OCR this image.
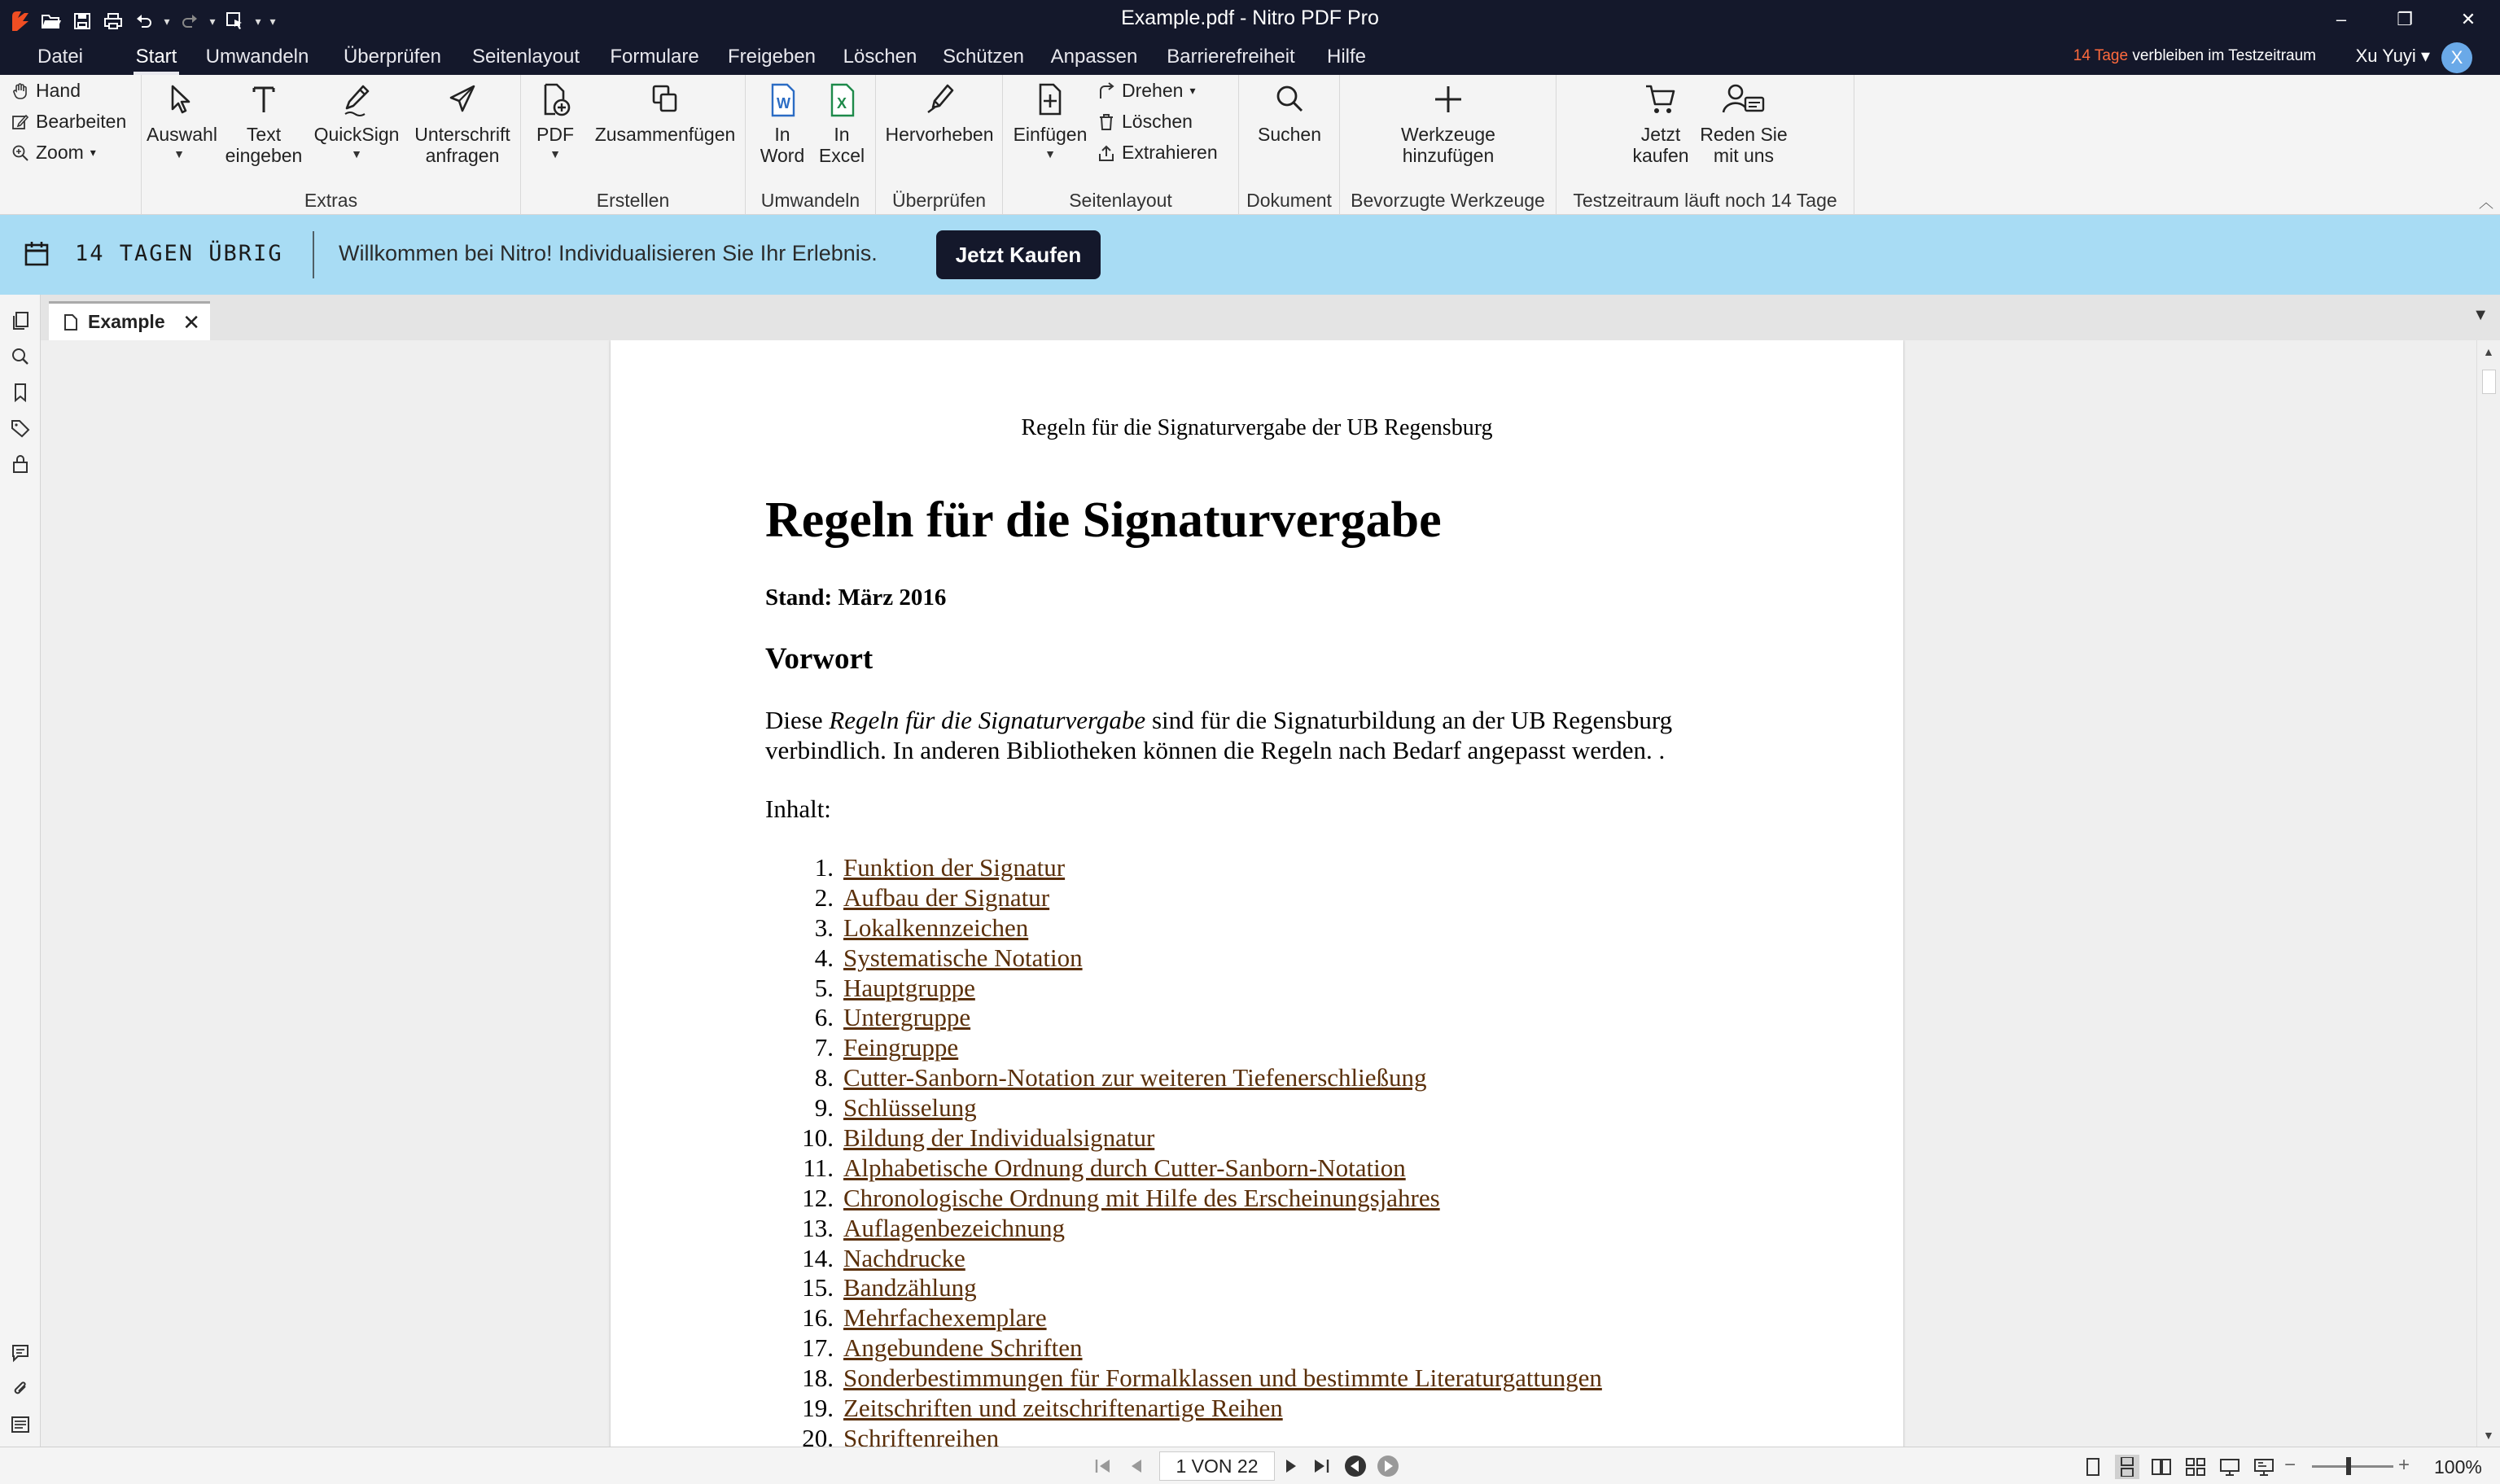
▾	▾	▾ ▾	Example.pdf - Nitro PDF Pro	–	❐	✕
Datei	Start Umwandeln	Überprüfen	Seitenlayout Formulare Freigeben Löschen Schützen Anpassen	Barrierefreiheit	Hilfe	14 Tage verbleiben im Testzeitraum Xu Yuyi ▾	X
Hand
Bearbeiten
Zoom ▾
Auswahl
▼
Text
eingeben
QuickSign
▼
Unterschrift
anfragen
Extras
PDF
▼
Zusammenfügen
Erstellen
W
In
Word
X
In
Excel
Umwandeln
Hervorheben
Überprüfen
Einfügen
▼
Drehen ▾
Löschen
Extrahieren
Seitenlayout
Suchen
Dokument
Werkzeuge
hinzufügen
Bevorzugte Werkzeuge
Jetzt
kaufen
Reden Sie
mit uns
Testzeitraum läuft noch 14 Tage	︿
14 TAGEN ÜBRIG	Willkommen bei Nitro! Individualisieren Sie Ihr Erlebnis.	Jetzt Kaufen
Example ✕	▼
Regeln für die Signaturvergabe der UB Regensburg
Regeln für die Signaturvergabe
Stand: März 2016
Vorwort
Diese Regeln für die Signaturvergabe sind für die Signaturbildung an der UB Regensburg verbindlich. In anderen Bibliotheken können die Regeln nach Bedarf angepasst werden. .
Inhalt:
1. Funktion der Signatur
2. Aufbau der Signatur
3. Lokalkennzeichen
4. Systematische Notation
5. Hauptgruppe
6. Untergruppe
7. Feingruppe
8. Cutter-Sanborn-Notation zur weiteren Tiefenerschließung
9. Schlüsselung
10. Bildung der Individualsignatur
11. Alphabetische Ordnung durch Cutter-Sanborn-Notation
12. Chronologische Ordnung mit Hilfe des Erscheinungsjahres
13. Auflagenbezeichnung
14. Nachdrucke
15. Bandzählung
16. Mehrfachexemplare
17. Angebundene Schriften
18. Sonderbestimmungen für Formalklassen und bestimmte Literaturgattungen
19. Zeitschriften und zeitschriftenartige Reihen
20. Schriftenreihen
▲
▼
1 VON 22	−	+ 100%
